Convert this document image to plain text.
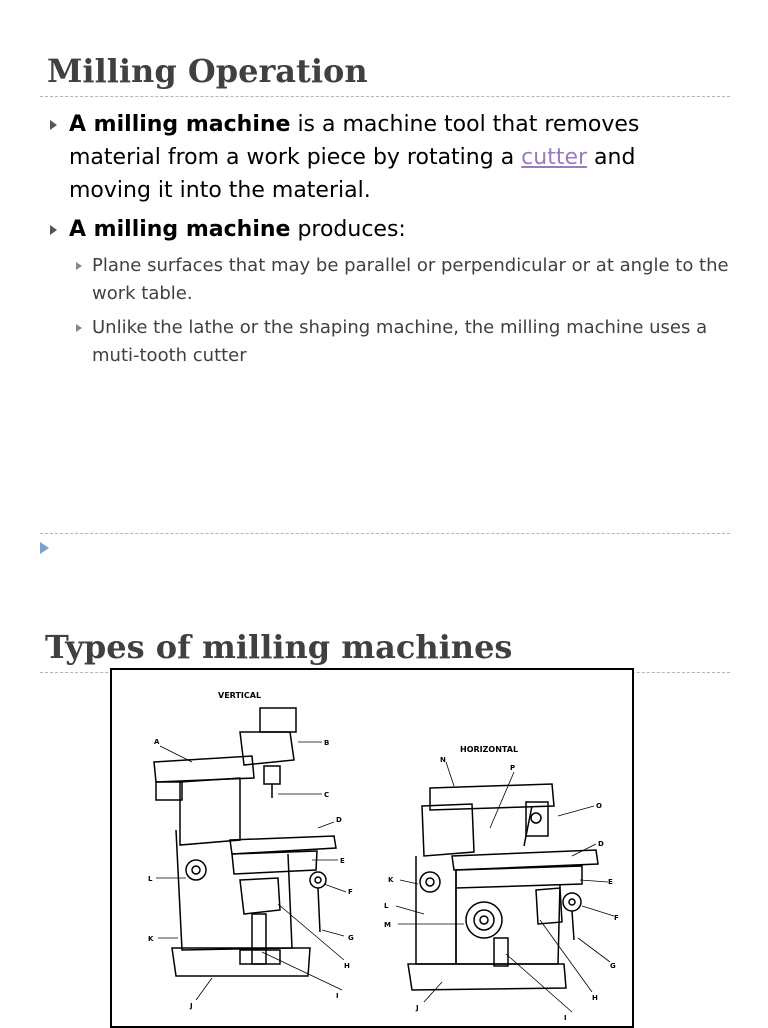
Milling Operation
A milling machine is a machine tool that removes material from a work piece by rotating a cutter and moving it into the material.
A milling machine produces:
Plane surfaces that may be parallel or perpendicular or at angle to the work table.
Unlike the lathe or the shaping machine, the milling machine uses a muti-tooth cutter
Types of milling machines
VERTICAL
HORIZONTAL
A	B
C
D
E
F
G
H
I
J
K
L
N
P
O
D
E
F
G
H
I
J
K
L
M
